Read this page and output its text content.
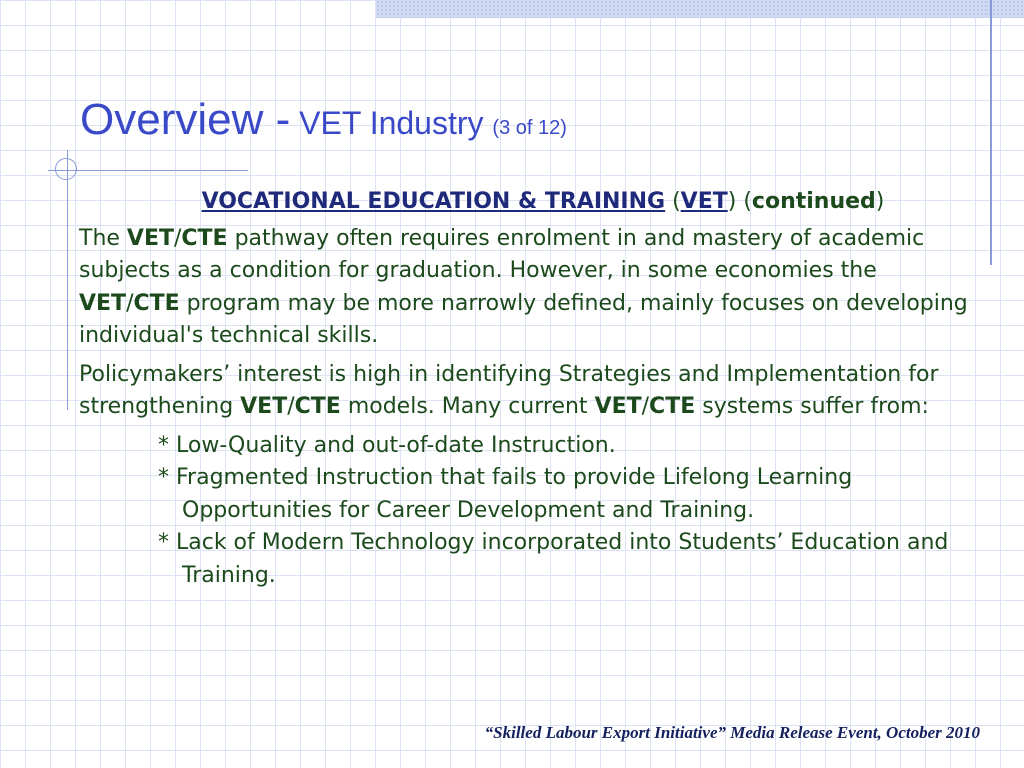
Overview - VET Industry (3 of 12)

VOCATIONAL EDUCATION & TRAINING (VET) (continued)

The VET/CTE pathway often requires enrolment in and mastery of academic subjects as a condition for graduation. However, in some economies the VET/CTE program may be more narrowly defined, mainly focuses on developing individual's technical skills.

Policymakers’ interest is high in identifying Strategies and Implementation for strengthening VET/CTE models. Many current VET/CTE systems suffer from:

* Low-Quality and out-of-date Instruction.
* Fragmented Instruction that fails to provide Lifelong Learning Opportunities for Career Development and Training.
* Lack of Modern Technology incorporated into Students’ Education and Training.
“Skilled Labour Export Initiative” Media Release Event, October 2010
